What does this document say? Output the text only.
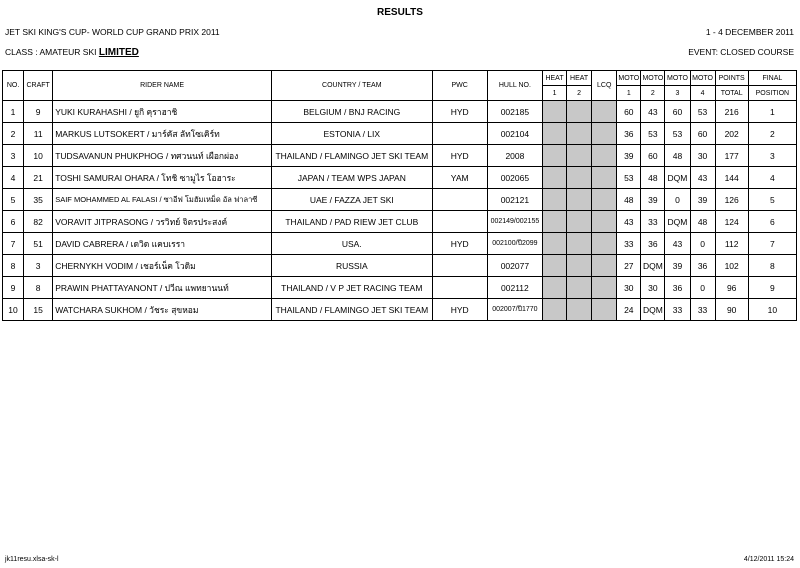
RESULTS
JET SKI KING'S CUP- WORLD CUP GRAND PRIX 2011	1 - 4 DECEMBER 2011
CLASS : AMATEUR SKI LIMITED	EVENT: CLOSED COURSE
NO.	CRAFT	RIDER NAME	COUNTRY / TEAM	PWC	HULL NO.	HEAT	HEAT	LCQ	MOTO	MOTO	MOTO	MOTO	POINTS	FINAL
						1	2		1	2	3	4	TOTAL	POSITION
1	9	YUKI KURAHASHI / ยูกิ คุราฮาชิ	BELGIUM / BNJ RACING	HYD	002185				60	43	60	53	216	1
2	11	MARKUS LUTSOKERT / มาร์คัส ลัทโซเคิร์ท	ESTONIA / LIX		002104				36	53	53	60	202	2
3	10	TUDSAVANUN PHUKPHOG / ทศวนนท์ เผือกผ่อง	THAILAND / FLAMINGO JET SKI TEAM	HYD	2008				39	60	48	30	177	3
4	21	TOSHI SAMURAI OHARA / โทชิ ซามูไร โอฮาระ	JAPAN / TEAM WPS JAPAN	YAM	002065				53	48	DQM	43	144	4
5	35	SAIF MOHAMMED AL FALASI / ซาอีฟ โมฮัมเหม็ด อัล ฟาลาซี	UAE / FAZZA JET SKI		002121				48	39	0	39	126	5
6	82	VORAVIT JITPRASONG / วรวิทย์ จิตรประสงค์	THAILAND / PAD RIEW JET CLUB		002149/002155				43	33	DQM	48	124	6
7	51	DAVID CABRERA / เดวิด แคบเรรา	USA.	HYD	002100/ปี2099				33	36	43	0	112	7
8	3	CHERNYKH VODIM / เชอร์เน็ค โวดิม	RUSSIA		002077				27	DQM	39	36	102	8
9	8	PRAWIN PHATTAYANONT / ปวีณ แพทยานนท์	THAILAND / V P JET RACING TEAM		002112				30	30	36	0	96	9
10	15	WATCHARA SUKHOM / วัชระ สุขหอม	THAILAND / FLAMINGO JET SKI TEAM	HYD	002007/ปี1770				24	DQM	33	33	90	10
jk11resu.xlsa-sk-l	4/12/2011 15:24
